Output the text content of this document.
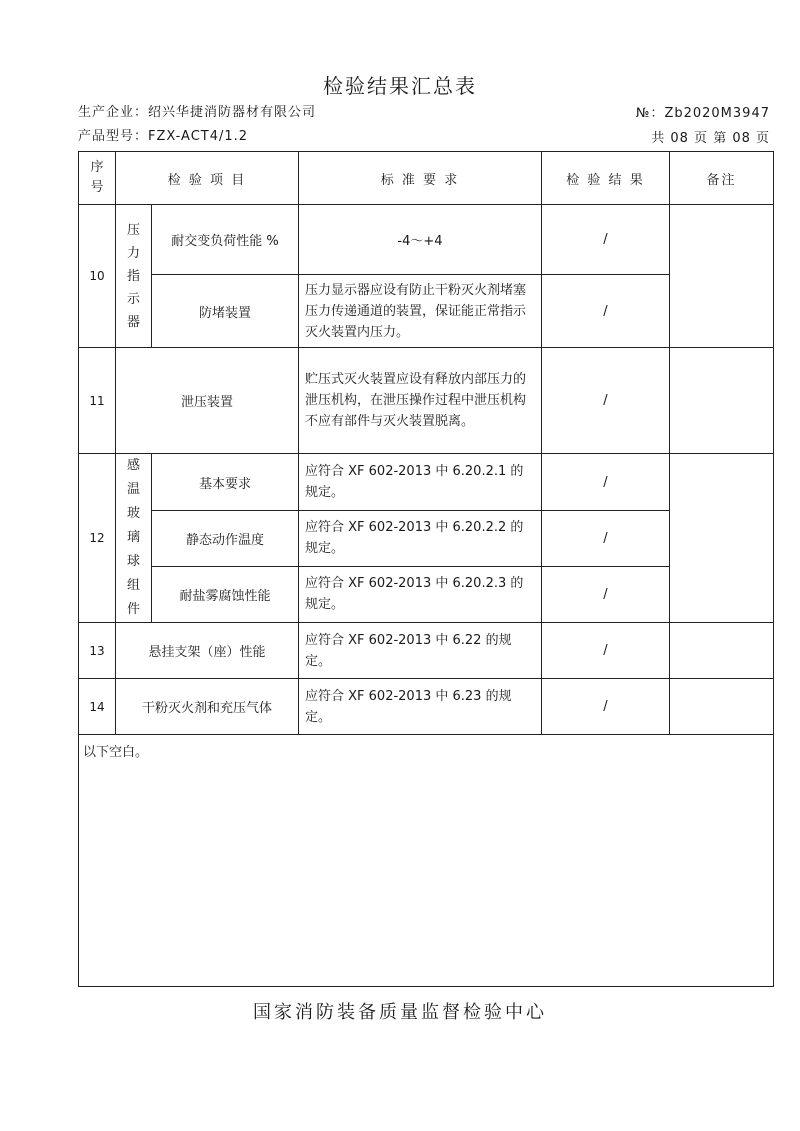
检验结果汇总表
生产企业：绍兴华捷消防器材有限公司	№：Zb2020M3947
产品型号：FZX-ACT4/1.2	共 08 页 第 08 页
序号	检 验 项 目		标 准 要 求	检 验 结 果	备注
10	压力指示器	耐交变负荷性能 %	-4～+4	/	
		防堵装置	压力显示器应设有防止干粉灭火剂堵塞压力传递通道的装置，保证能正常指示灭火装置内压力。	/	
11	泄压装置		贮压式灭火装置应设有释放内部压力的泄压机构，在泄压操作过程中泄压机构不应有部件与灭火装置脱离。	/	
12	感温玻璃球组件	基本要求	应符合 XF 602-2013 中 6.20.2.1 的规定。	/	
		静态动作温度	应符合 XF 602-2013 中 6.20.2.2 的规定。	/	
		耐盐雾腐蚀性能	应符合 XF 602-2013 中 6.20.2.3 的规定。	/	
13	悬挂支架（座）性能		应符合 XF 602-2013 中 6.22 的规定。	/	
14	干粉灭火剂和充压气体		应符合 XF 602-2013 中 6.23 的规定。	/	
以下空白。					
国家消防装备质量监督检验中心
